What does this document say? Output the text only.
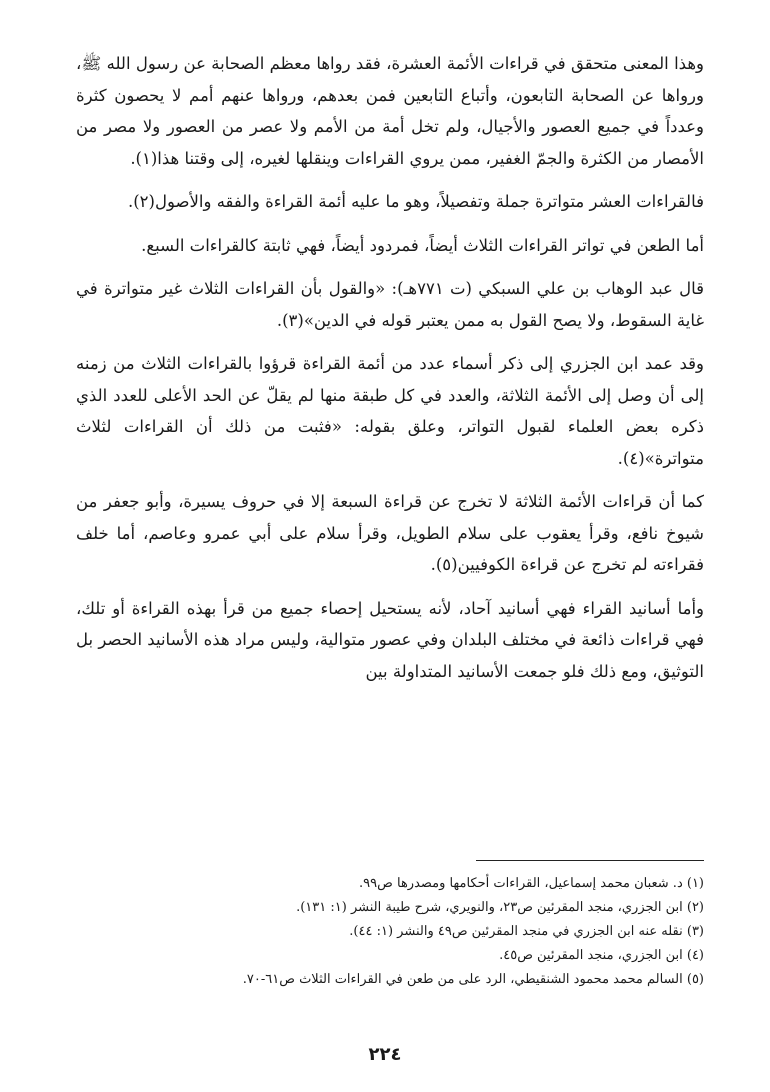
وهذا المعنى متحقق في قراءات الأئمة العشرة، فقد رواها معظم الصحابة عن رسول الله ﷺ، ورواها عن الصحابة التابعون، وأتباع التابعين فمن بعدهم، ورواها عنهم أمم لا يحصون كثرة وعدداً في جميع العصور والأجيال، ولم تخل أمة من الأمم ولا عصر من العصور ولا مصر من الأمصار من الكثرة والجمّ الغفير، ممن يروي القراءات وينقلها لغيره، إلى وقتنا هذا(١).

فالقراءات العشر متواترة جملة وتفصيلاً، وهو ما عليه أئمة القراءة والفقه والأصول(٢).

أما الطعن في تواتر القراءات الثلاث أيضاً، فمردود أيضاً، فهي ثابتة كالقراءات السبع.

قال عبد الوهاب بن علي السبكي (ت ٧٧١هـ): «والقول بأن القراءات الثلاث غير متواترة في غاية السقوط، ولا يصح القول به ممن يعتبر قوله في الدين»(٣).

وقد عمد ابن الجزري إلى ذكر أسماء عدد من أئمة القراءة قرؤوا بالقراءات الثلاث من زمنه إلى أن وصل إلى الأئمة الثلاثة، والعدد في كل طبقة منها لم يقلّ عن الحد الأعلى للعدد الذي ذكره بعض العلماء لقبول التواتر، وعلق بقوله: «فثبت من ذلك أن القراءات لثلاث متواترة»(٤).

كما أن قراءات الأئمة الثلاثة لا تخرج عن قراءة السبعة إلا في حروف يسيرة، وأبو جعفر من شيوخ نافع، وقرأ يعقوب على سلام الطويل، وقرأ سلام على أبي عمرو وعاصم، أما خلف فقراءته لم تخرج عن قراءة الكوفيين(٥).

وأما أسانيد القراء فهي أسانيد آحاد، لأنه يستحيل إحصاء جميع من قرأ بهذه القراءة أو تلك، فهي قراءات ذائعة في مختلف البلدان وفي عصور متوالية، وليس مراد هذه الأسانيد الحصر بل التوثيق، ومع ذلك فلو جمعت الأسانيد المتداولة بين

(١) د. شعبان محمد إسماعيل، القراءات أحكامها ومصدرها ص٩٩.

(٢) ابن الجزري، منجد المقرئين ص٢٣، والنويري، شرح طيبة النشر (١: ١٣١).

(٣) نقله عنه ابن الجزري في منجد المقرئين ص٤٩ والنشر (١: ٤٤).

(٤) ابن الجزري، منجد المقرئين ص٤٥.

(٥) السالم محمد محمود الشنقيطي، الرد على من طعن في القراءات الثلاث ص٦١-٧٠.

٢٢٤
